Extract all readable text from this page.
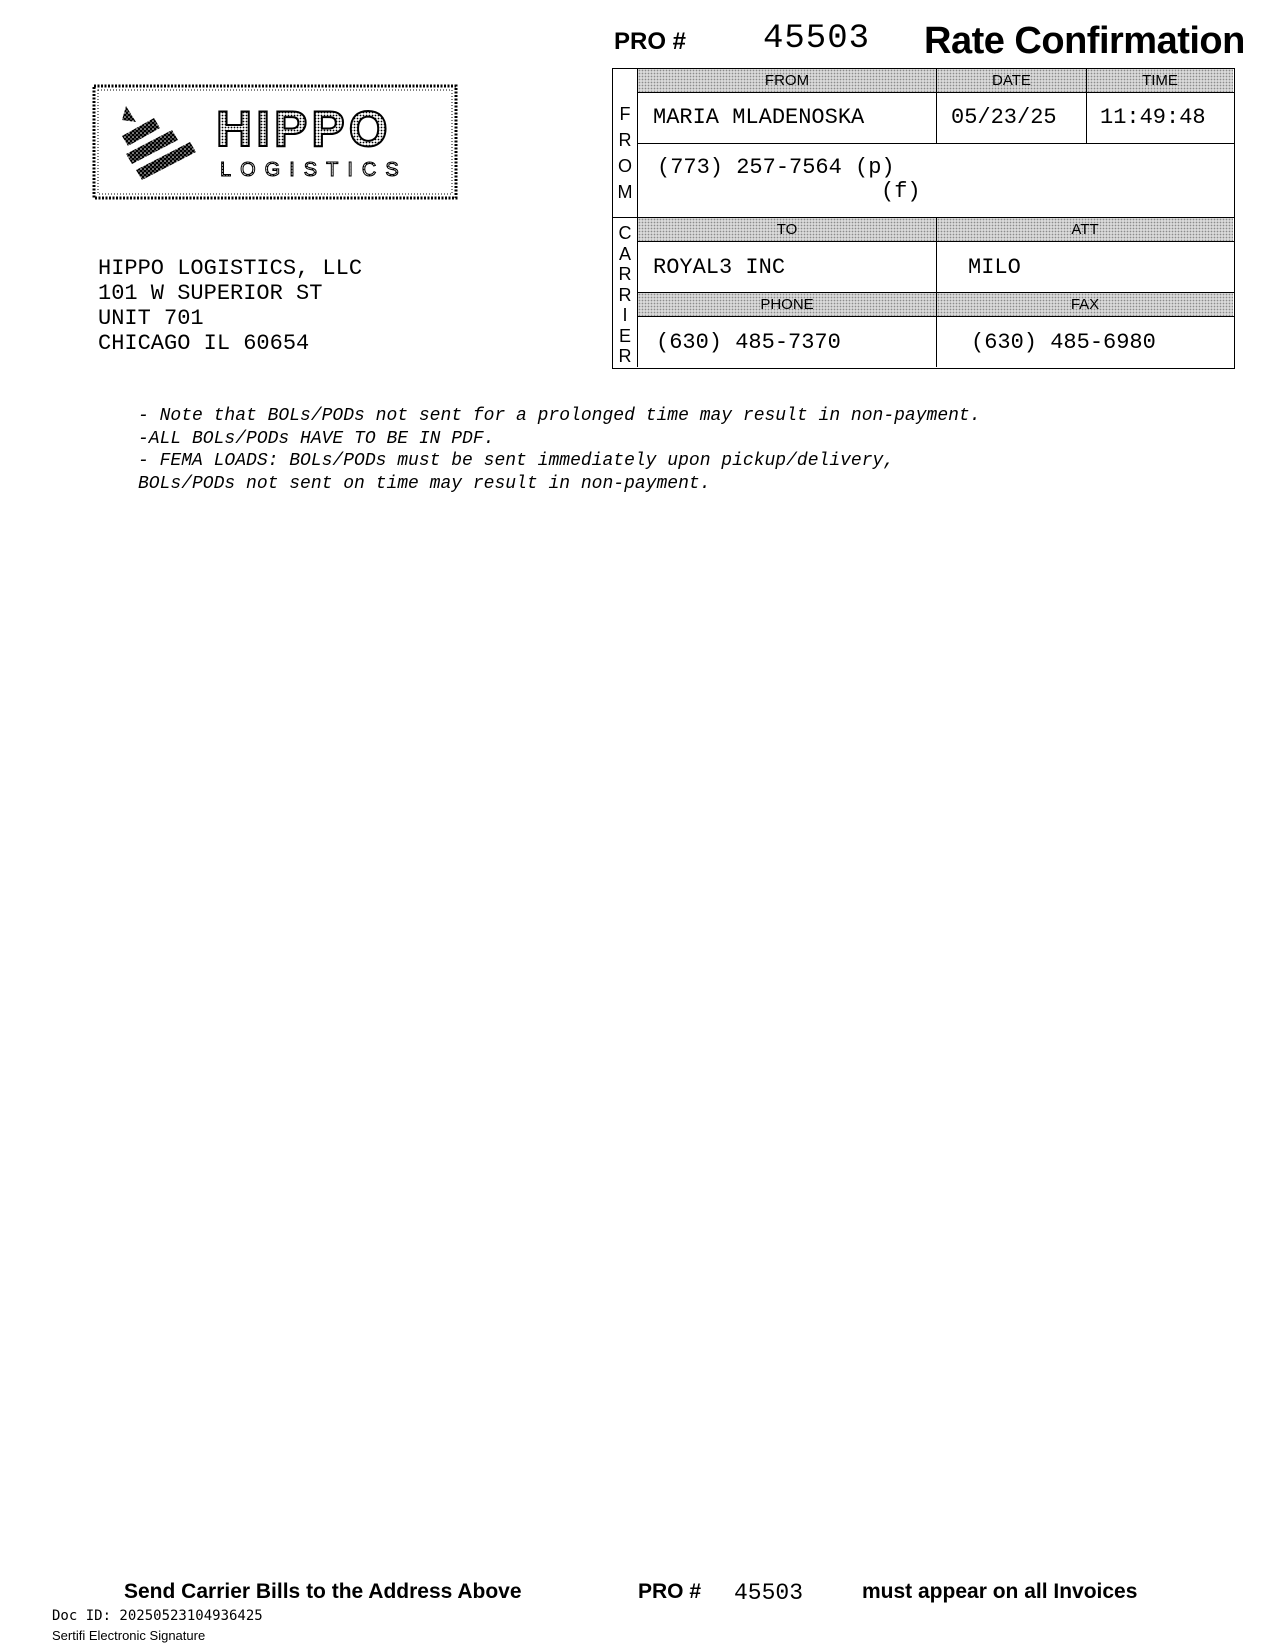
PRO # 45503 Rate Confirmation
HIPPO
LOGISTICS
HIPPO LOGISTICS, LLC
101 W SUPERIOR ST
UNIT 701
CHICAGO IL 60654
F
R
O
M
FROM	DATE	TIME
MARIA MLADENOSKA	05/23/25 11:49:48
(773) 257-7564 (p)
(f)
C
A
R
R
I
E
R
TO	ATT
ROYAL3 INC	MILO
PHONE	FAX
(630) 485-7370	(630) 485-6980
- Note that BOLs/PODs not sent for a prolonged time may result in non-payment.
-ALL BOLs/PODs HAVE TO BE IN PDF.
- FEMA LOADS: BOLs/PODs must be sent immediately upon pickup/delivery,
BOLs/PODs not sent on time may result in non-payment.
Send Carrier Bills to the Address Above	PRO # 45503	must appear on all Invoices
Doc ID: 20250523104936425
Sertifi Electronic Signature
